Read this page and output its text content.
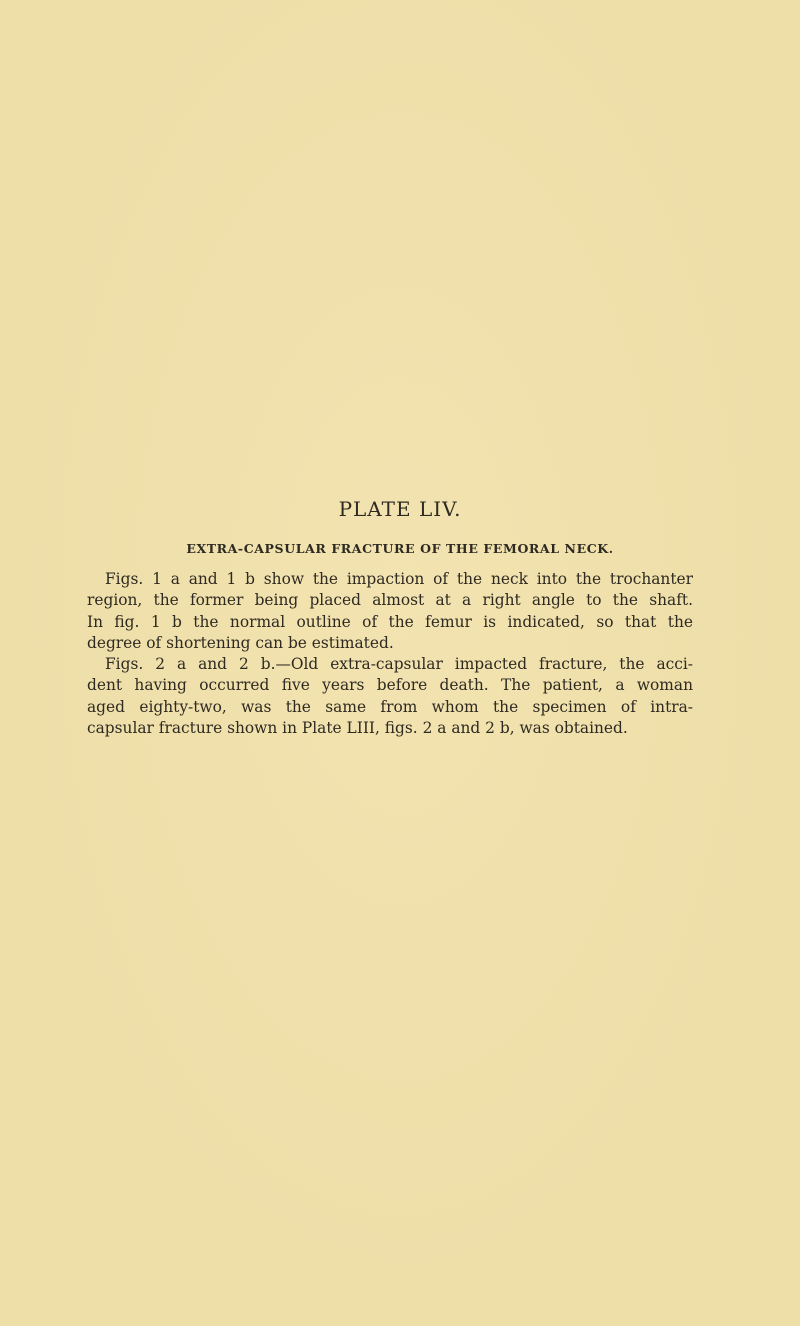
PLATE LIV.
EXTRA-CAPSULAR FRACTURE OF THE FEMORAL NECK.
Figs. 1 a and 1 b show the impaction of the neck into the trochanter
region, the former being placed almost at a right angle to the shaft.
In fig. 1 b the normal outline of the femur is indicated, so that the
degree of shortening can be estimated.
Figs. 2 a and 2 b.—Old extra-capsular impacted fracture, the acci-
dent having occurred five years before death. The patient, a woman
aged eighty-two, was the same from whom the specimen of intra-
capsular fracture shown in Plate LIII, figs. 2 a and 2 b, was obtained.
